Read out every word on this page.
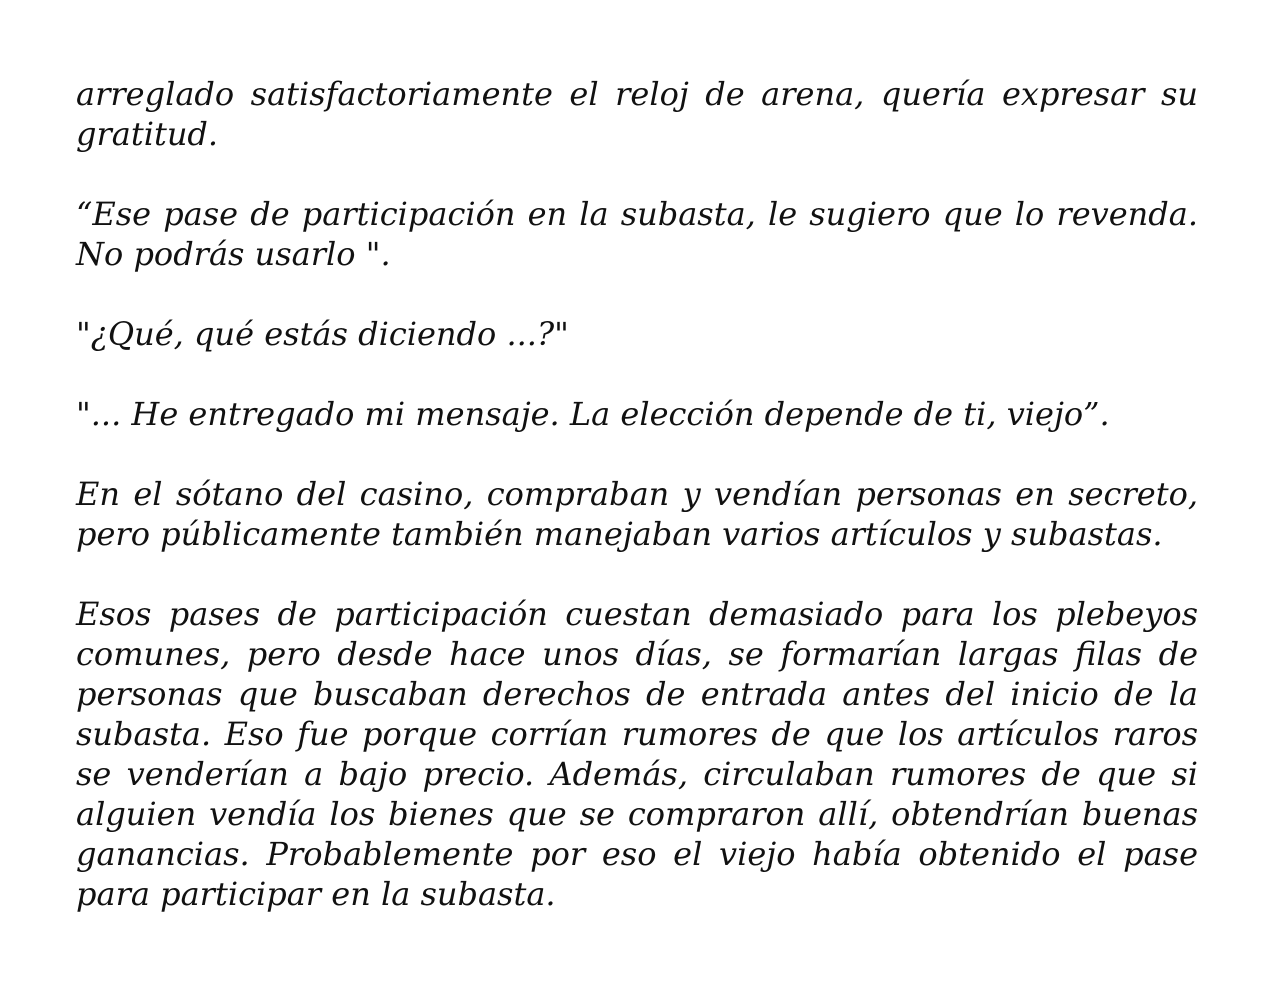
arreglado satisfactoriamente el reloj de arena, quería expresar su gratitud.

“Ese pase de participación en la subasta, le sugiero que lo revenda. No podrás usarlo ".

"¿Qué, qué estás diciendo ...?"

"... He entregado mi mensaje. La elección depende de ti, viejo”.

En el sótano del casino, compraban y vendían personas en secreto, pero públicamente también manejaban varios artículos y subastas.

Esos pases de participación cuestan demasiado para los plebeyos comunes, pero desde hace unos días, se formarían largas filas de personas que buscaban derechos de entrada antes del inicio de la subasta. Eso fue porque corrían rumores de que los artículos raros se venderían a bajo precio. Además, circulaban rumores de que si alguien vendía los bienes que se compraron allí, obtendrían buenas ganancias. Probablemente por eso el viejo había obtenido el pase para participar en la subasta.
